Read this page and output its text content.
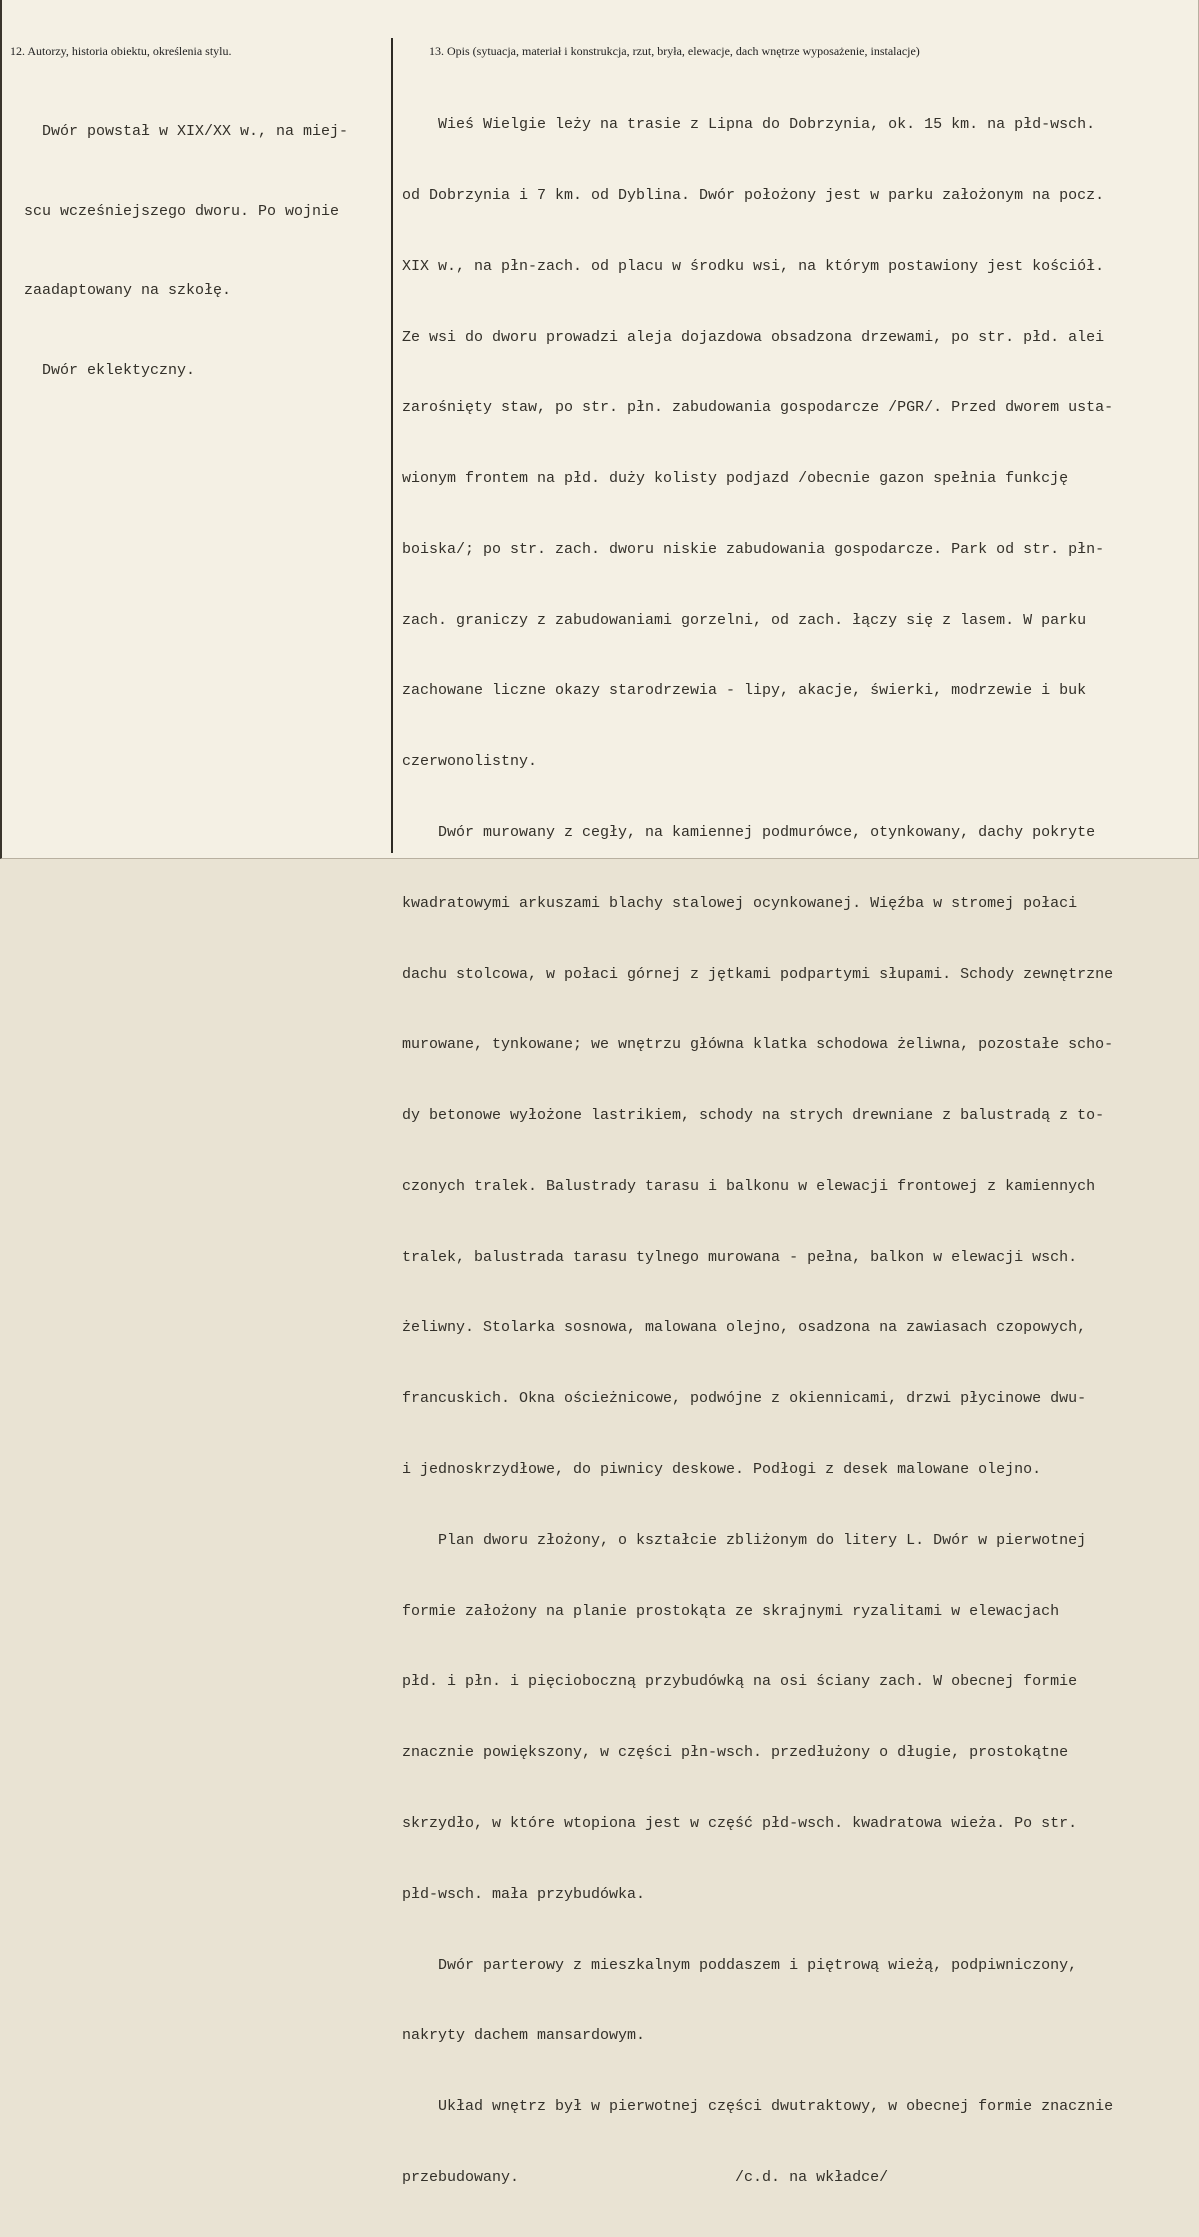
12. Autorzy, historia obiektu, określenia stylu.	13. Opis (sytuacja, materiał i konstrukcja, rzut, bryła, elewacje, dach wnętrze wyposażenie, instalacje)

Dwór powstał w XIX/XX w., na miej-

scu wcześniejszego dworu. Po wojnie

zaadaptowany na szkołę.

Dwór eklektyczny.

Wieś Wielgie leży na trasie z Lipna do Dobrzynia, ok. 15 km. na płd-wsch.

od Dobrzynia i 7 km. od Dyblina. Dwór położony jest w parku założonym na pocz.

XIX w., na płn-zach. od placu w środku wsi, na którym postawiony jest kościół.

Ze wsi do dworu prowadzi aleja dojazdowa obsadzona drzewami, po str. płd. alei

zarośnięty staw, po str. płn. zabudowania gospodarcze /PGR/. Przed dworem usta-

wionym frontem na płd. duży kolisty podjazd /obecnie gazon spełnia funkcję

boiska/; po str. zach. dworu niskie zabudowania gospodarcze. Park od str. płn-

zach. graniczy z zabudowaniami gorzelni, od zach. łączy się z lasem. W parku

zachowane liczne okazy starodrzewia - lipy, akacje, świerki, modrzewie i buk

czerwonolistny.

Dwór murowany z cegły, na kamiennej podmurówce, otynkowany, dachy pokryte

kwadratowymi arkuszami blachy stalowej ocynkowanej. Więźba w stromej połaci

dachu stolcowa, w połaci górnej z jętkami podpartymi słupami. Schody zewnętrzne

murowane, tynkowane; we wnętrzu główna klatka schodowa żeliwna, pozostałe scho-

dy betonowe wyłożone lastrikiem, schody na strych drewniane z balustradą z to-

czonych tralek. Balustrady tarasu i balkonu w elewacji frontowej z kamiennych

tralek, balustrada tarasu tylnego murowana - pełna, balkon w elewacji wsch.

żeliwny. Stolarka sosnowa, malowana olejno, osadzona na zawiasach czopowych,

francuskich. Okna ościeżnicowe, podwójne z okiennicami, drzwi płycinowe dwu-

i jednoskrzydłowe, do piwnicy deskowe. Podłogi z desek malowane olejno.

Plan dworu złożony, o kształcie zbliżonym do litery L. Dwór w pierwotnej

formie założony na planie prostokąta ze skrajnymi ryzalitami w elewacjach

płd. i płn. i pięcioboczną przybudówką na osi ściany zach. W obecnej formie

znacznie powiększony, w części płn-wsch. przedłużony o długie, prostokątne

skrzydło, w które wtopiona jest w część płd-wsch. kwadratowa wieża. Po str.

płd-wsch. mała przybudówka.

Dwór parterowy z mieszkalnym poddaszem i piętrową wieżą, podpiwniczony,

nakryty dachem mansardowym.

Układ wnętrz był w pierwotnej części dwutraktowy, w obecnej formie znacznie

przebudowany.                        /c.d. na wkładce/
